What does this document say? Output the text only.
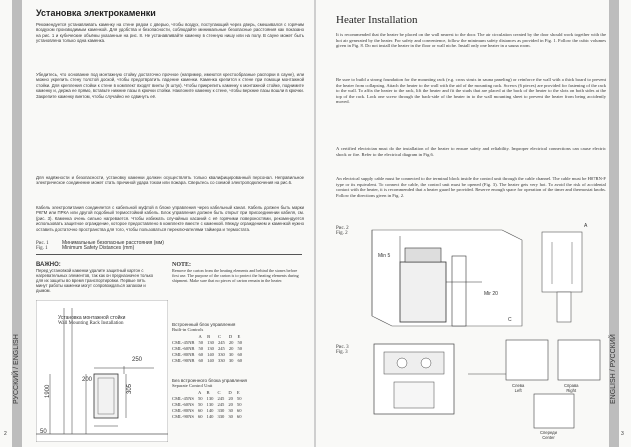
Установка электрокаменки
Рекомендуется устанавливать каменку на стене рядом с дверью, чтобы воздух, поступающий через дверь, смешивался с горячим воздухом производимым каменкой. Для удобства и безопасности, соблюдайте минимальные безопасные расстояния как показано на рис. 1 и кубические объёмы указанные на рис. 8. Не устанавливайте каменку в стенную нишу или на полу. В сауне может быть установлена только одна каменка.
Убедитесь, что основание под монтажную стойку достаточно прочное (например, имеются крестообразные распорки в сауне), или можно укрепить стену толстой доской, чтобы предотвратить падение каменки. Каменка крепится к стене при помощи монтажной стойки. Для крепления стойки к стене в комплект входят винты (6 штук). Чтобы прикрепить каменку к монтажной стойке, поднимите каменку и, держа ее прямо, вставьте нижние пазы в крючки стойки. Наклоните каменку к стене, чтобы верхние пазы вошли в крючки. Закрепите каменку винтом, чтобы случайно не сдвинуть её.
Для надёжности и безопасности, установку каменки должен осуществлять только квалифицированный персонал. Неправильное электрическое соединение может стать причиной удара током или пожара. Сверьтесь со схемой электроподключения на рис.6.
Кабель электропитания соединяется с кабельной муфтой в блоке управления через кабельный канал. Кабель должен быть марки РКГМ или ПРКА или другой подобный термостойкий кабель. Блок управления должен быть открыт при присоединении кабеля, см. (рис. 3). Каменка очень сильно нагревается. Чтобы избежать случайных касаний с её горячими поверхностями, рекомендуется использовать защитное ограждение, которое предоставлено в комплекте вместе с каменкой. Между ограждением и каменкой нужно оставить достаточно пространства для того, чтобы пользоваться переключателями таймера и термостата.
Рис. 1
Fig. 1
Минимальные безопасные расстояния (мм)
Minimum Safety Distances (mm)
ВАЖНО:
Перед установкой каменки удалите защитный картон с нагревательных элементов, так как он предназначен только для их защиты во время транспортировки. Первые пять минут работы каменки могут сопровождаться запахом и дымом.
NOTE:
Remove the carton from the heating elements and behind the stones before first use. The purpose of the carton is to protect the heating elements during shipment. Make sure that no pieces of carton remain in the heater.
Установка монтажной стойки
Wall Mounting Rack Installation
1900
200
50
250
305
Встроенный блок управления
Built-in Controls
	A	B	C	D	E
CML-45NB	50	130	245	20	50
CML-60NB	50	130	245	20	50
CML-80NB	60	140	330	30	60
CML-90NB	60	140	330	30	60
Без встроенного блока управления
Separate Control Unit
	A	B	C	D	E
CML-45NS	50	130	245	20	50
CML-60NS	50	130	245	20	50
CML-80NS	60	140	330	30	60
CML-90NS	60	140	330	30	60
РУССКИЙ / ENGLISH
2
Heater Installation
It is recommended that the heater be placed on the wall nearest to the door. The air circulation created by the door should work together with the hot air generated by the heater. For safety and convenience, follow the minimum safety distances as provided in Fig. 1. Follow the cubic volumes given in Fig. 8. Do not install the heater in the floor or wall niche. Install only one heater in a sauna room.
Be sure to build a strong foundation for the mounting rack (e.g. cross struts in sauna paneling) or reinforce the wall with a thick board to prevent the heater from collapsing. Attach the heater to the wall with the aid of the mounting rack. Screws (6 pieces) are provided for fastening of the rack to the wall. To affix the heater to the rack, lift the heater and fit the studs that are placed at the back of the heater to the slots on both sides at the top of the rack. Lock one screw through the back-side of the heater in to the wall mounting sheet to prevent the heater from being accidently moved.
A certified electrician must do the installation of the heater to ensure safety and reliability. Improper electrical connections can cause electric shock or fire. Refer to the electrical diagram in Fig.6.
An electrical supply cable must be connected to the terminal block inside the control unit through the cable channel. The cable must be H07RN-F type or its equivalent. To connect the cable, the control unit must be opened (Fig. 3). The heater gets very hot. To avoid the risk of accidental contact with the heater, it is recommended that a heater guard be provided. Reserve enough space for operation of the timer and thermostat knobs. Follow the directions given in Fig. 2.
Рис. 2
Fig. 2
Min 5
Mir 20
A
Рис. 3
Fig. 3
C
Слева
Left
Справа
Right
Спереди
Center
ENGLISH / РУССКИЙ
3
